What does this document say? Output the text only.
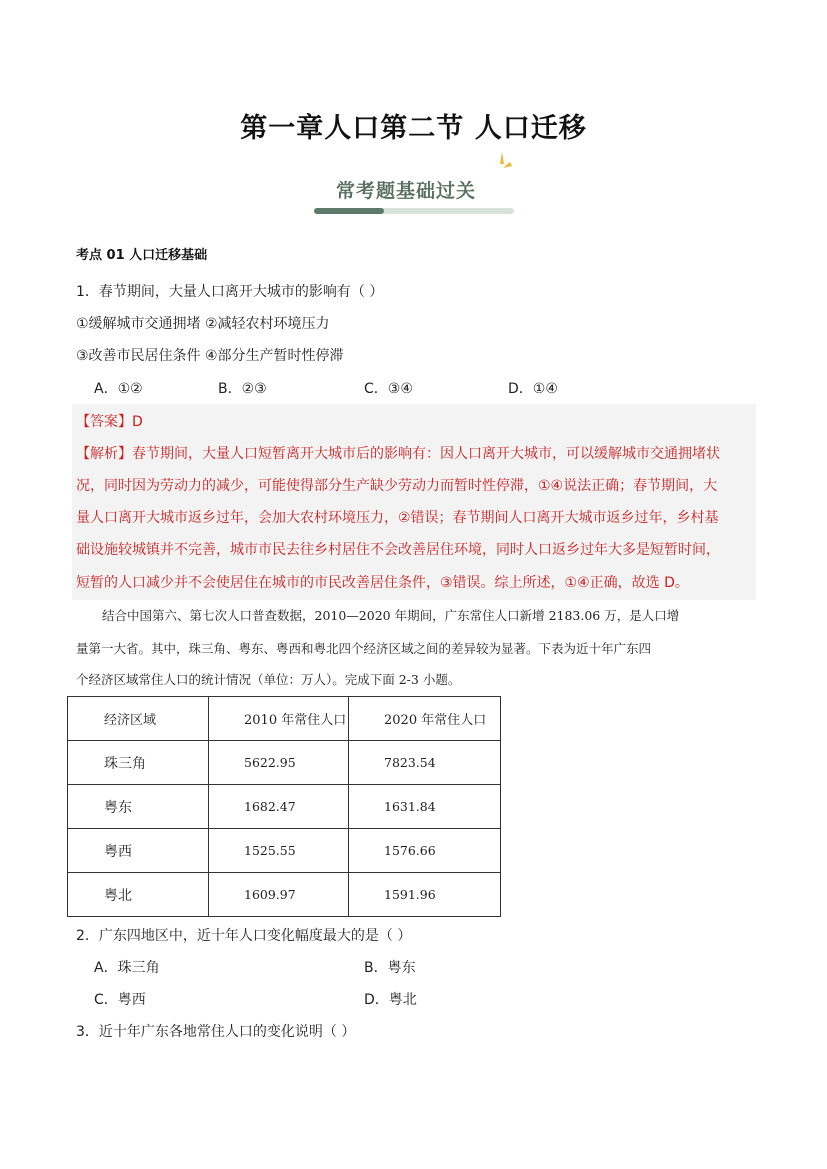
第一章人口第二节 人口迁移
常考题基础过关
考点 01 人口迁移基础
1．春节期间，大量人口离开大城市的影响有（ ）
①缓解城市交通拥堵 ②减轻农村环境压力
③改善市民居住条件 ④部分生产暂时性停滞
A．①②	B．②③	C．③④	D．①④
【答案】D
【解析】春节期间，大量人口短暂离开大城市后的影响有：因人口离开大城市，可以缓解城市交通拥堵状
况，同时因为劳动力的减少，可能使得部分生产缺少劳动力而暂时性停滞，①④说法正确；春节期间，大
量人口离开大城市返乡过年，会加大农村环境压力，②错误；春节期间人口离开大城市返乡过年，乡村基
础设施较城镇并不完善，城市市民去往乡村居住不会改善居住环境，同时人口返乡过年大多是短暂时间，
短暂的人口减少并不会使居住在城市的市民改善居住条件，③错误。综上所述，①④正确，故选 D。
结合中国第六、第七次人口普查数据，2010—2020 年期间，广东常住人口新增 2183.06 万，是人口增
量第一大省。其中，珠三角、粤东、粤西和粤北四个经济区域之间的差异较为显著。下表为近十年广东四
个经济区域常住人口的统计情况（单位：万人）。完成下面 2-3 小题。
经济区域	2010 年常住人口	2020 年常住人口
珠三角	5622.95	7823.54
粤东	1682.47	1631.84
粤西	1525.55	1576.66
粤北	1609.97	1591.96
2．广东四地区中，近十年人口变化幅度最大的是（ ）
A．珠三角	B．粤东
C．粤西	D．粤北
3．近十年广东各地常住人口的变化说明（ ）
